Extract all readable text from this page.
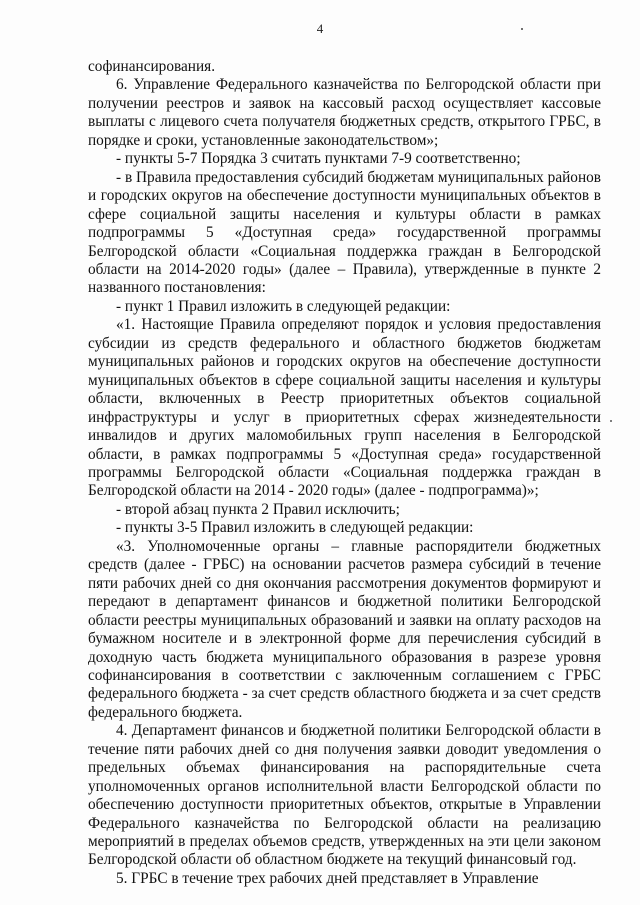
4

софинансирования.

6. Управление Федерального казначейства по Белгородской области при получении реестров и заявок на кассовый расход осуществляет кассовые выплаты с лицевого счета получателя бюджетных средств, открытого ГРБС, в порядке и сроки, установленные законодательством»;

- пункты 5-7 Порядка 3 считать пунктами 7-9 соответственно;

- в Правила предоставления субсидий бюджетам муниципальных районов и городских округов на обеспечение доступности муниципальных объектов в сфере социальной защиты населения и культуры области в рамках подпрограммы 5 «Доступная среда» государственной программы Белгородской области «Социальная поддержка граждан в Белгородской области на 2014-2020 годы» (далее – Правила), утвержденные в пункте 2 названного постановления:

- пункт 1 Правил изложить в следующей редакции:

«1. Настоящие Правила определяют порядок и условия предоставления субсидии из средств федерального и областного бюджетов бюджетам муниципальных районов и городских округов на обеспечение доступности муниципальных объектов в сфере социальной защиты населения и культуры области, включенных в Реестр приоритетных объектов социальной инфраструктуры и услуг в приоритетных сферах жизнедеятельности инвалидов и других маломобильных групп населения в Белгородской области, в рамках подпрограммы 5 «Доступная среда» государственной программы Белгородской области «Социальная поддержка граждан в Белгородской области на 2014 - 2020 годы» (далее - подпрограмма)»;

- второй абзац пункта 2 Правил исключить;

- пункты 3-5 Правил изложить в следующей редакции:

«3. Уполномоченные органы – главные распорядители бюджетных средств (далее - ГРБС) на основании расчетов размера субсидий в течение пяти рабочих дней со дня окончания рассмотрения документов формируют и передают в департамент финансов и бюджетной политики Белгородской области реестры муниципальных образований и заявки на оплату расходов на бумажном носителе и в электронной форме для перечисления субсидий в доходную часть бюджета муниципального образования в разрезе уровня софинансирования в соответствии с заключенным соглашением с ГРБС федерального бюджета - за счет средств областного бюджета и за счет средств федерального бюджета.

4. Департамент финансов и бюджетной политики Белгородской области в течение пяти рабочих дней со дня получения заявки доводит уведомления о предельных объемах финансирования на распорядительные счета уполномоченных органов исполнительной власти Белгородской области по обеспечению доступности приоритетных объектов, открытые в Управлении Федерального казначейства по Белгородской области на реализацию мероприятий в пределах объемов средств, утвержденных на эти цели законом Белгородской области об областном бюджете на текущий финансовый год.

5. ГРБС в течение трех рабочих дней представляет в Управление
